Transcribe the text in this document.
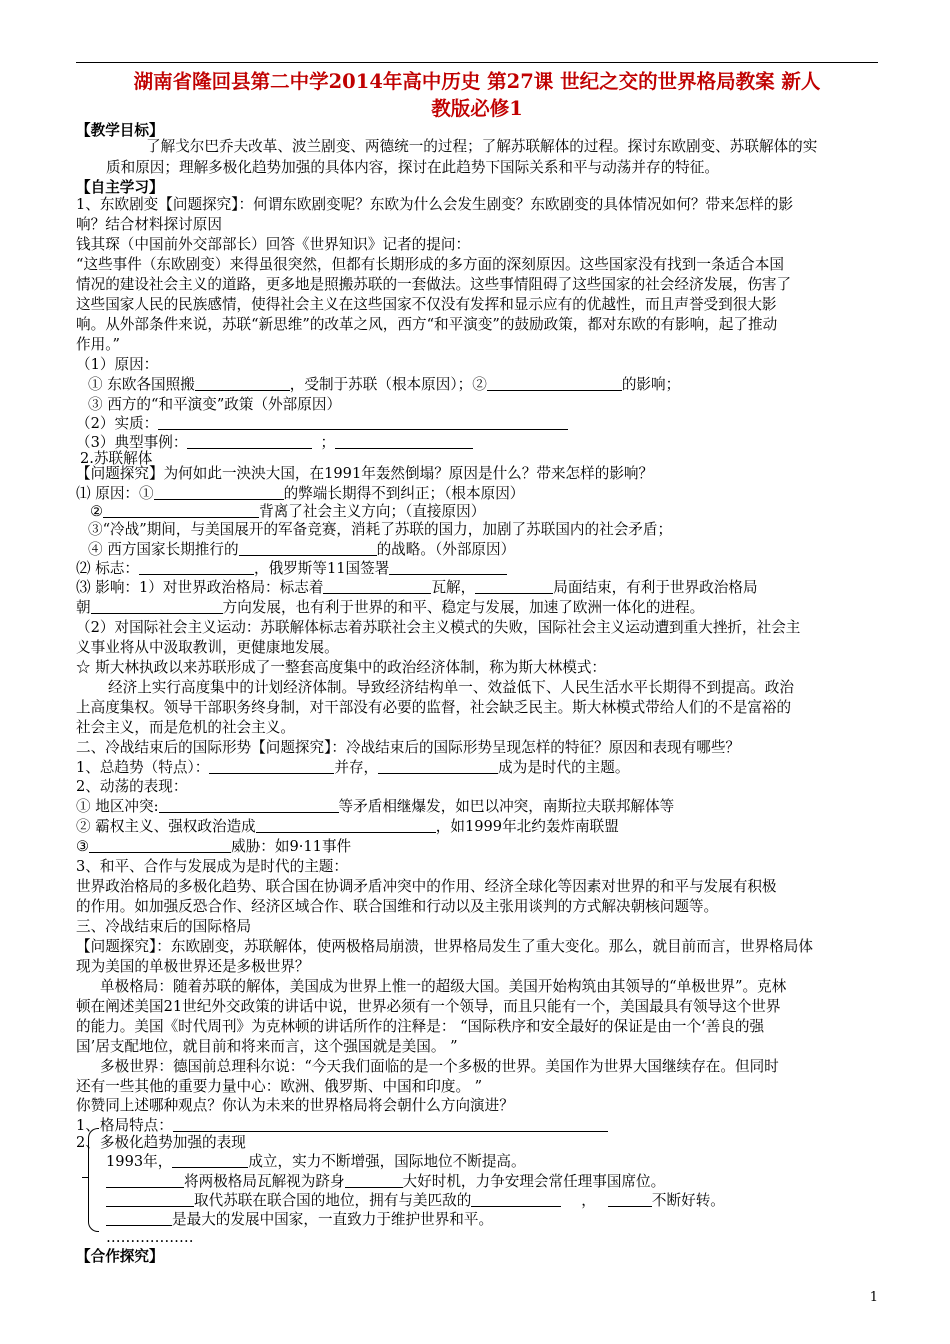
湖南省隆回县第二中学2014年高中历史 第27课 世纪之交的世界格局教案 新人
教版必修1
【教学目标】
了解戈尔巴乔夫改革、波兰剧变、两德统一的过程；了解苏联解体的过程。探讨东欧剧变、苏联解体的实
质和原因；理解多极化趋势加强的具体内容，探讨在此趋势下国际关系和平与动荡并存的特征。
【自主学习】
1、东欧剧变【问题探究】：何谓东欧剧变呢？东欧为什么会发生剧变？东欧剧变的具体情况如何？带来怎样的影
响？结合材料探讨原因
钱其琛（中国前外交部部长）回答《世界知识》记者的提问：
“这些事件（东欧剧变）来得虽很突然，但都有长期形成的多方面的深刻原因。这些国家没有找到一条适合本国
情况的建设社会主义的道路，更多地是照搬苏联的一套做法。这些事情阻碍了这些国家的社会经济发展，伤害了
这些国家人民的民族感情，使得社会主义在这些国家不仅没有发挥和显示应有的优越性，而且声誉受到很大影
响。从外部条件来说，苏联“新思维”的改革之风，西方“和平演变”的鼓励政策，都对东欧的有影响，起了推动
作用。”
（1）原因：
① 东欧各国照搬	，受制于苏联（根本原因）；②	的影响；
③ 西方的“和平演变”政策（外部原因）
（2）实质：
（3）典型事例：	；
2.苏联解体
【问题探究】为何如此一泱泱大国，在1991年轰然倒塌？原因是什么？带来怎样的影响？
⑴ 原因：①	的弊端长期得不到纠正；（根本原因）
②	背离了社会主义方向；（直接原因）
③“冷战”期间，与美国展开的军备竞赛，消耗了苏联的国力，加剧了苏联国内的社会矛盾；
④ 西方国家长期推行的	的战略。（外部原因）
⑵ 标志：	，俄罗斯等11国签署
⑶ 影响：1）对世界政治格局：标志着	瓦解，	局面结束，有利于世界政治格局
朝	方向发展，也有利于世界的和平、稳定与发展，加速了欧洲一体化的进程。
（2）对国际社会主义运动：苏联解体标志着苏联社会主义模式的失败，国际社会主义运动遭到重大挫折，社会主
义事业将从中汲取教训，更健康地发展。
☆ 斯大林执政以来苏联形成了一整套高度集中的政治经济体制，称为斯大林模式：
经济上实行高度集中的计划经济体制。导致经济结构单一、效益低下、人民生活水平长期得不到提高。政治
上高度集权。领导干部职务终身制，对干部没有必要的监督，社会缺乏民主。斯大林模式带给人们的不是富裕的
社会主义，而是危机的社会主义。
二、冷战结束后的国际形势【问题探究】：冷战结束后的国际形势呈现怎样的特征？原因和表现有哪些？
1、总趋势（特点）：	并存，	成为是时代的主题。
2、动荡的表现：
① 地区冲突:	等矛盾相继爆发，如巴以冲突，南斯拉夫联邦解体等
② 霸权主义、强权政治造成	，如1999年北约轰炸南联盟
③	威胁：如9·11事件
3、和平、合作与发展成为是时代的主题：
世界政治格局的多极化趋势、联合国在协调矛盾冲突中的作用、经济全球化等因素对世界的和平与发展有积极
的作用。如加强反恐合作、经济区域合作、联合国维和行动以及主张用谈判的方式解决朝核问题等。
三、冷战结束后的国际格局
【问题探究】：东欧剧变，苏联解体，使两极格局崩溃，世界格局发生了重大变化。那么，就目前而言，世界格局体
现为美国的单极世界还是多极世界？
单极格局：随着苏联的解体，美国成为世界上惟一的超级大国。美国开始构筑由其领导的“单极世界”。克林
顿在阐述美国21世纪外交政策的讲话中说，世界必须有一个领导，而且只能有一个，美国最具有领导这个世界
的能力。美国《时代周刊》为克林顿的讲话所作的注释是： “国际秩序和安全最好的保证是由一个‘善良的强
国’居支配地位，就目前和将来而言，这个强国就是美国。 ”
多极世界：德国前总理科尔说：“今天我们面临的是一个多极的世界。美国作为世界大国继续存在。但同时
还有一些其他的重要力量中心：欧洲、俄罗斯、中国和印度。 ”
你赞同上述哪种观点？你认为未来的世界格局将会朝什么方向演进？
1、格局特点：
2、多极化趋势加强的表现
1993年，	成立，实力不断增强，国际地位不断提高。
将两极格局瓦解视为跻身	大好时机，力争安理会常任理事国席位。
取代苏联在联合国的地位，拥有与美匹敌的	，	不断好转。
是最大的发展中国家，一直致力于维护世界和平。
………………
【合作探究】
1
